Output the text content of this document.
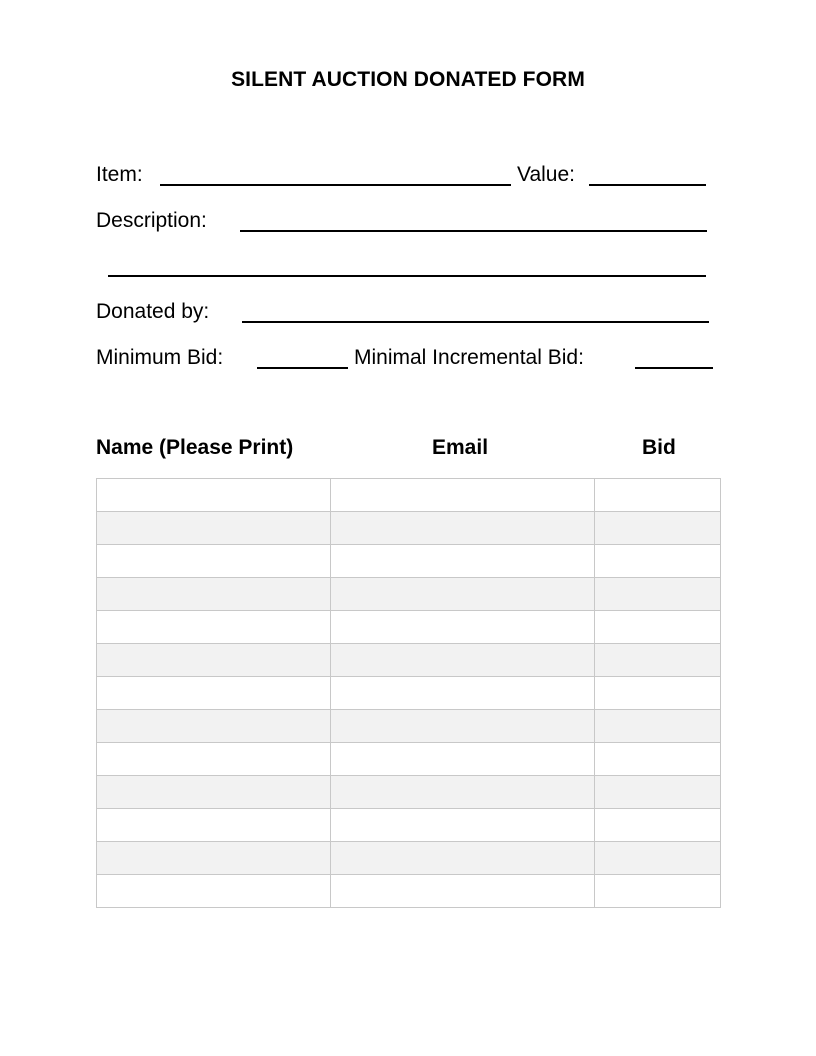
SILENT AUCTION DONATED FORM
Item:	Value:
Description:
Donated by:
Minimum Bid:	Minimal Incremental Bid:
Name (Please Print)	Email	Bid
